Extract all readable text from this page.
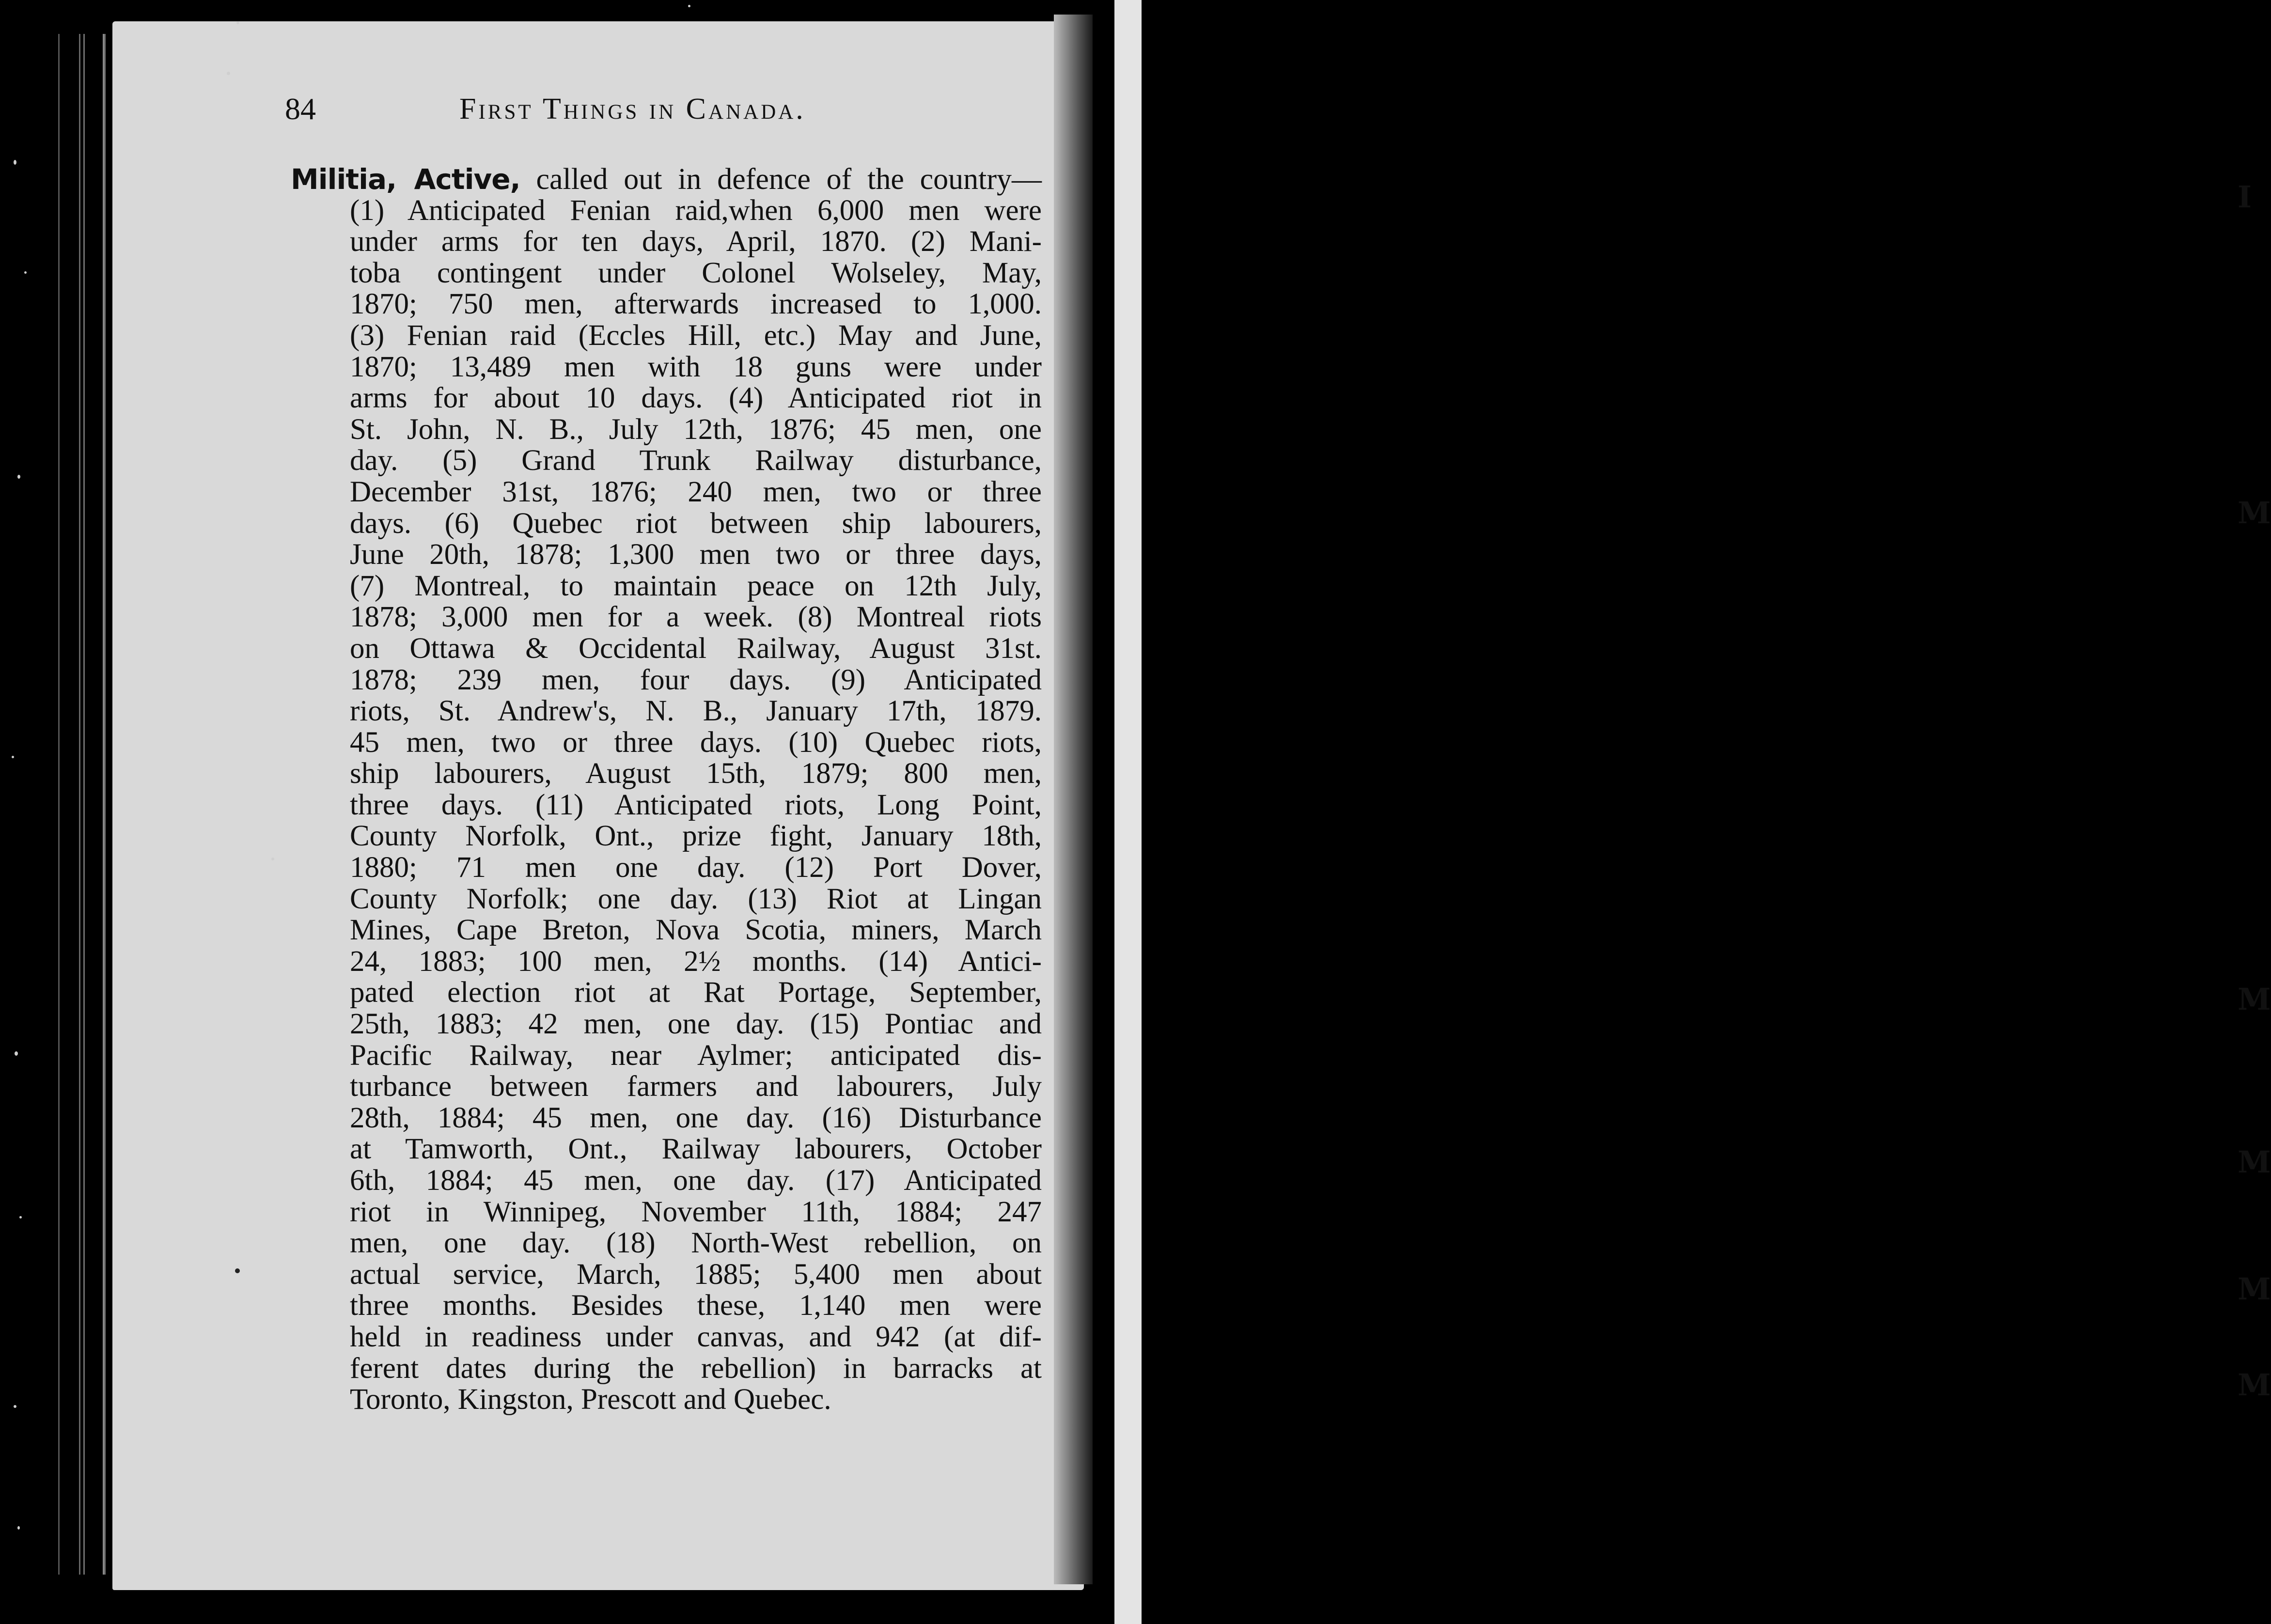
I
M
M
M
M
M
84	First Things in Canada.
Militia, Active, called out in defence of the country—
(1) Anticipated Fenian raid,when 6,000 men were
under arms for ten days, April, 1870. (2) Mani-
toba contingent under Colonel Wolseley, May,
1870; 750 men, afterwards increased to 1,000.
(3) Fenian raid (Eccles Hill, etc.) May and June,
1870; 13,489 men with 18 guns were under
arms for about 10 days. (4) Anticipated riot in
St. John, N. B., July 12th, 1876; 45 men, one
day. (5) Grand Trunk Railway disturbance,
December 31st, 1876; 240 men, two or three
days. (6) Quebec riot between ship labourers,
June 20th, 1878; 1,300 men two or three days,
(7) Montreal, to maintain peace on 12th July,
1878; 3,000 men for a week. (8) Montreal riots
on Ottawa & Occidental Railway, August 31st.
1878; 239 men, four days. (9) Anticipated
riots, St. Andrew's, N. B., January 17th, 1879.
45 men, two or three days. (10) Quebec riots,
ship labourers, August 15th, 1879; 800 men,
three days. (11) Anticipated riots, Long Point,
County Norfolk, Ont., prize fight, January 18th,
1880; 71 men one day. (12) Port Dover,
County Norfolk; one day. (13) Riot at Lingan
Mines, Cape Breton, Nova Scotia, miners, March
24, 1883; 100 men, 2½ months. (14) Antici-
pated election riot at Rat Portage, September,
25th, 1883; 42 men, one day. (15) Pontiac and
Pacific Railway, near Aylmer; anticipated dis-
turbance between farmers and labourers, July
28th, 1884; 45 men, one day. (16) Disturbance
at Tamworth, Ont., Railway labourers, October
6th, 1884; 45 men, one day. (17) Anticipated
riot in Winnipeg, November 11th, 1884; 247
men, one day. (18) North-West rebellion, on
actual service, March, 1885; 5,400 men about
three months. Besides these, 1,140 men were
held in readiness under canvas, and 942 (at dif-
ferent dates during the rebellion) in barracks at
Toronto, Kingston, Prescott and Quebec.
